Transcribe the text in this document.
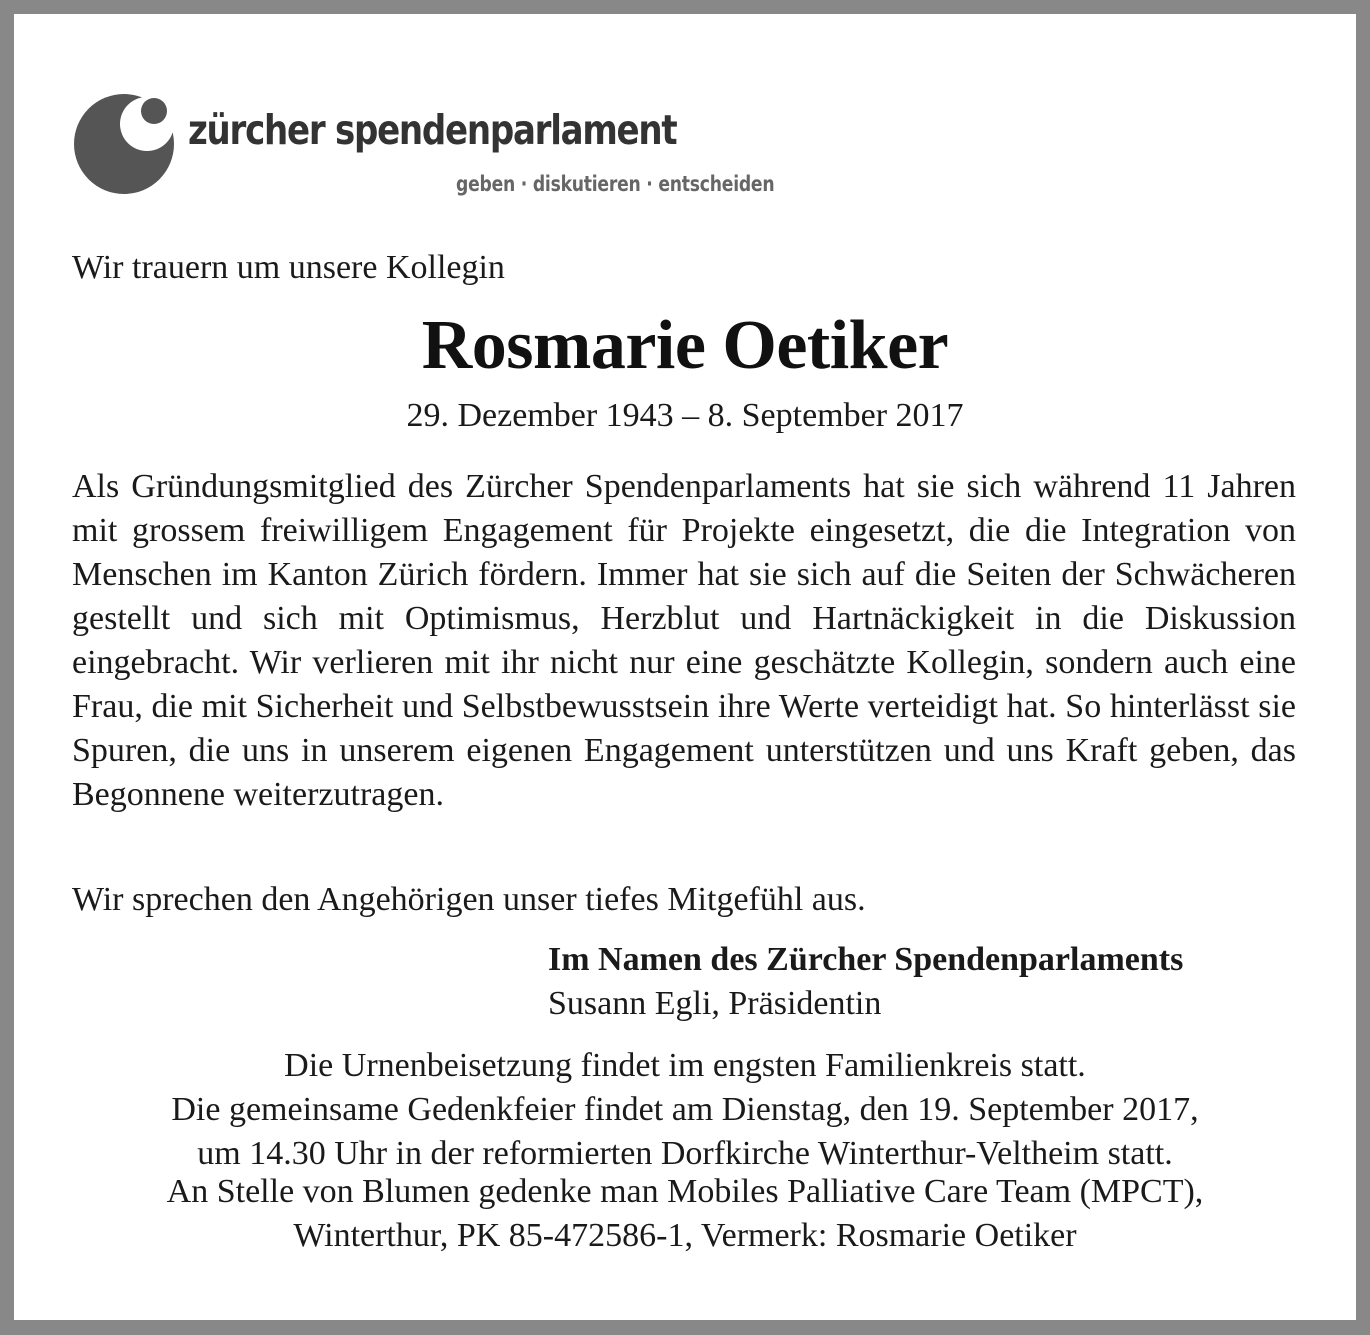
zürcher spendenparlament
geben · diskutieren · entscheiden
Wir trauern um unsere Kollegin
Rosmarie Oetiker
29. Dezember 1943 – 8. September 2017

Als Gründungsmitglied des Zürcher Spendenparlaments hat sie sich während 11 Jahren mit grossem freiwilligem Engagement für Projekte eingesetzt, die die Integration von Menschen im Kanton Zürich fördern. Immer hat sie sich auf die Seiten der Schwächeren gestellt und sich mit Optimismus, Herzblut und Hartnäckigkeit in die Diskussion eingebracht. Wir verlieren mit ihr nicht nur eine geschätzte Kollegin, sondern auch eine Frau, die mit Sicherheit und Selbstbewusstsein ihre Werte verteidigt hat. So hinterlässt sie Spuren, die uns in unserem eigenen Engagement unterstützen und uns Kraft geben, das Begonnene weiterzutragen.

Wir sprechen den Angehörigen unser tiefes Mitgefühl aus.
Im Namen des Zürcher Spendenparlaments
Susann Egli, Präsidentin
Die Urnenbeisetzung findet im engsten Familienkreis statt.
Die gemeinsame Gedenkfeier findet am Dienstag, den 19. September 2017,
um 14.30 Uhr in der reformierten Dorfkirche Winterthur-Veltheim statt.
An Stelle von Blumen gedenke man Mobiles Palliative Care Team (MPCT),
Winterthur, PK 85-472586-1, Vermerk: Rosmarie Oetiker
